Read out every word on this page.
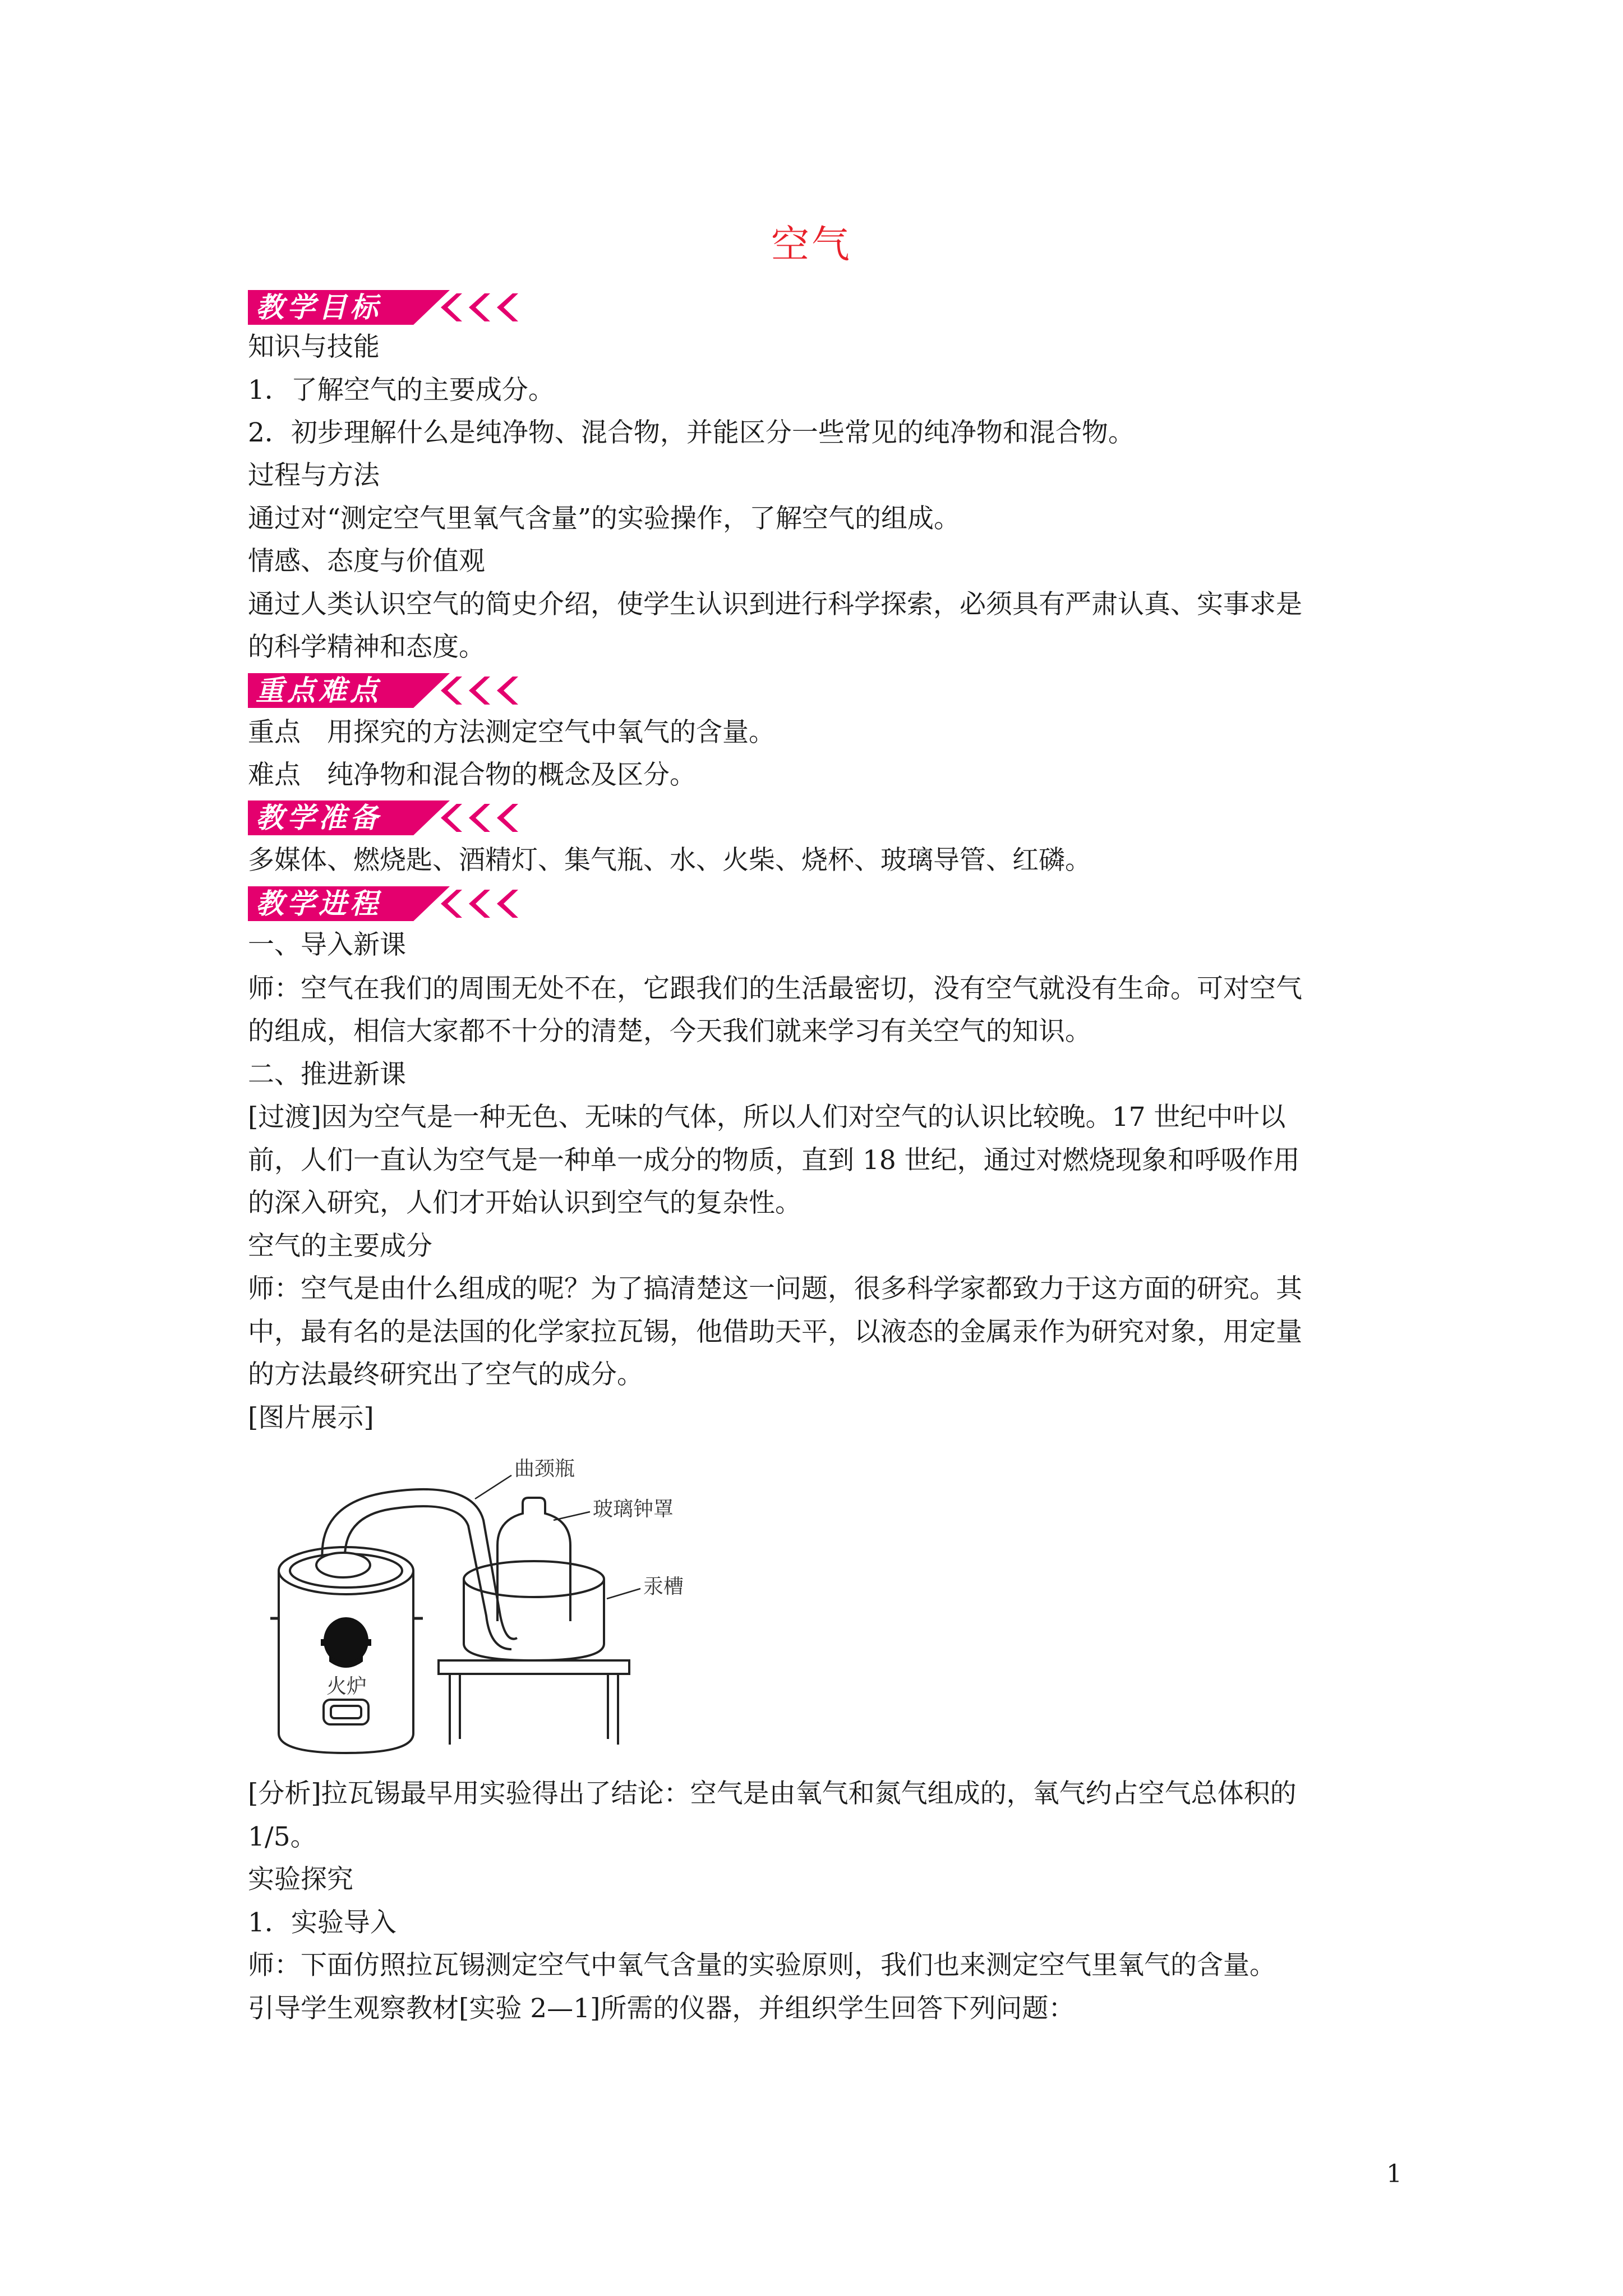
空气
教学目标
知识与技能
1．了解空气的主要成分。
2．初步理解什么是纯净物、混合物，并能区分一些常见的纯净物和混合物。
过程与方法
通过对“测定空气里氧气含量”的实验操作，了解空气的组成。
情感、态度与价值观
通过人类认识空气的简史介绍，使学生认识到进行科学探索，必须具有严肃认真、实事求是
的科学精神和态度。
重点难点
重点　用探究的方法测定空气中氧气的含量。
难点　纯净物和混合物的概念及区分。
教学准备
多媒体、燃烧匙、酒精灯、集气瓶、水、火柴、烧杯、玻璃导管、红磷。
教学进程
一、导入新课
师：空气在我们的周围无处不在，它跟我们的生活最密切，没有空气就没有生命。可对空气
的组成，相信大家都不十分的清楚，今天我们就来学习有关空气的知识。
二、推进新课
[过渡]因为空气是一种无色、无味的气体，所以人们对空气的认识比较晚。17 世纪中叶以
前，人们一直认为空气是一种单一成分的物质，直到 18 世纪，通过对燃烧现象和呼吸作用
的深入研究，人们才开始认识到空气的复杂性。
空气的主要成分
师：空气是由什么组成的呢？为了搞清楚这一问题，很多科学家都致力于这方面的研究。其
中，最有名的是法国的化学家拉瓦锡，他借助天平，以液态的金属汞作为研究对象，用定量
的方法最终研究出了空气的成分。
[图片展示]
[分析]拉瓦锡最早用实验得出了结论：空气是由氧气和氮气组成的，氧气约占空气总体积的
1/5。
实验探究
1．实验导入
师：下面仿照拉瓦锡测定空气中氧气含量的实验原则，我们也来测定空气里氧气的含量。
引导学生观察教材[实验 2—1]所需的仪器，并组织学生回答下列问题：
曲颈瓶
玻璃钟罩
汞槽
火炉
1
